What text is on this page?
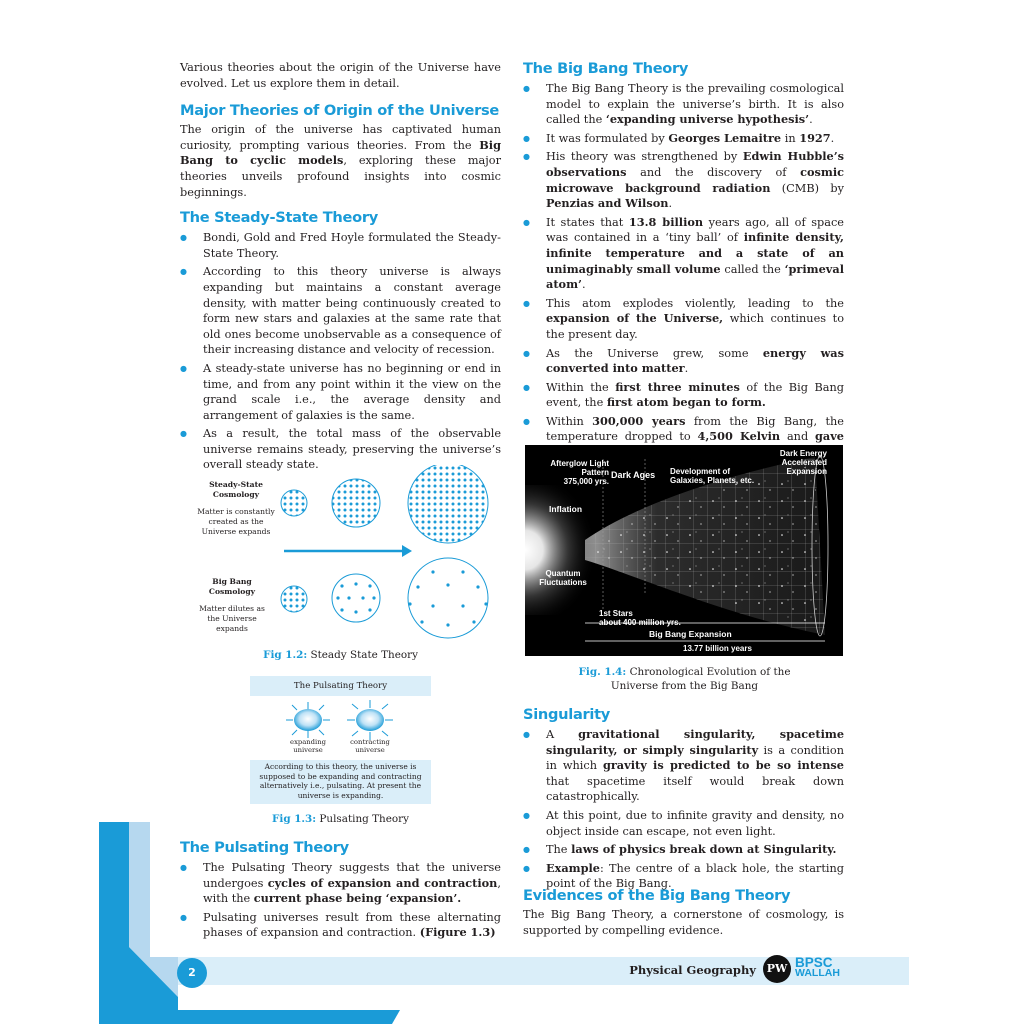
Various theories about the origin of the Universe have evolved. Let us explore them in detail.

Major Theories of Origin of the Universe

The origin of the universe has captivated human curiosity, prompting various theories. From the Big Bang to cyclic models, exploring these major theories unveils profound insights into cosmic beginnings.

The Steady-State Theory
● Bondi, Gold and Fred Hoyle formulated the Steady-State Theory.
● According to this theory universe is always expanding but maintains a constant average density, with matter being continuously created to form new stars and galaxies at the same rate that old ones become unobservable as a consequence of their increasing distance and velocity of recession.
● A steady-state universe has no beginning or end in time, and from any point within it the view on the grand scale i.e., the average density and arrangement of galaxies is the same.
● As a result, the total mass of the observable universe remains steady, preserving the universe’s overall steady state.
Steady-State
Cosmology
Matter is constantly created as the Universe expands
Big Bang
Cosmology
Matter dilutes as the Universe expands
Fig 1.2: Steady State Theory
The Pulsating Theory
expanding universe
contracting universe
According to this theory, the universe is supposed to be expanding and contracting alternatively i.e., pulsating. At present the universe is expanding.
Fig 1.3: Pulsating Theory
The Pulsating Theory
● The Pulsating Theory suggests that the universe undergoes cycles of expansion and contraction, with the current phase being ‘expansion’.
● Pulsating universes result from these alternating phases of expansion and contraction. (Figure 1.3)
The Big Bang Theory
● The Big Bang Theory is the prevailing cosmological model to explain the universe’s birth. It is also called the ‘expanding universe hypothesis’.
● It was formulated by Georges Lemaitre in 1927.
● His theory was strengthened by Edwin Hubble’s observations and the discovery of cosmic microwave background radiation (CMB) by Penzias and Wilson.
● It states that 13.8 billion years ago, all of space was contained in a ‘tiny ball’ of infinite density, infinite temperature and a state of an unimaginably small volume called the ‘primeval atom’.
● This atom explodes violently, leading to the expansion of the Universe, which continues to the present day.
● As the Universe grew, some energy was converted into matter.
● Within the first three minutes of the Big Bang event, the first atom began to form.
● Within 300,000 years from the Big Bang, the temperature dropped to 4,500 Kelvin and gave
Dark Energy
Accelerated Expansion
Afterglow Light
Pattern
375,000 yrs.
Dark Ages Development of
Galaxies, Planets, etc.
Inflation
Quantum
Fluctuations
1st Stars
about 400 million yrs.
Big Bang Expansion
13.77 billion years
Fig. 1.4: Chronological Evolution of the
Universe from the Big Bang
Singularity
● A gravitational singularity, spacetime singularity, or simply singularity is a condition in which gravity is predicted to be so intense that spacetime itself would break down catastrophically.
● At this point, due to infinite gravity and density, no object inside can escape, not even light.
● The laws of physics break down at Singularity.
● Example: The centre of a black hole, the starting point of the Big Bang.
Evidences of the Big Bang Theory

The Big Bang Theory, a cornerstone of cosmology, is supported by compelling evidence.

2	Physical Geography PW BPSC
WALLAH
